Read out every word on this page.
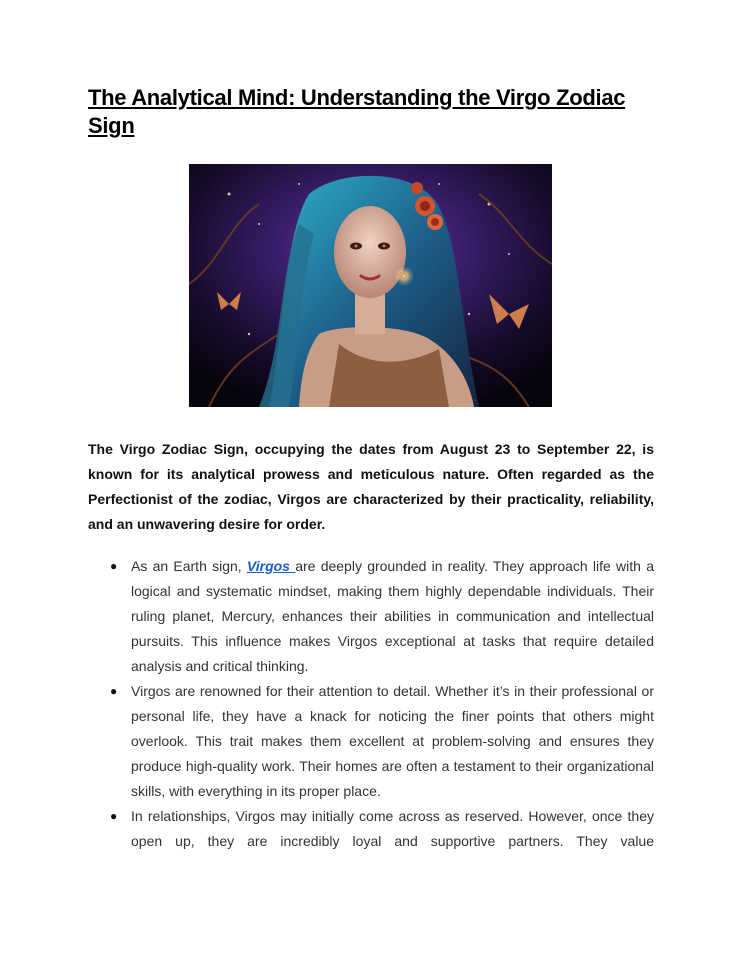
The Analytical Mind: Understanding the Virgo Zodiac Sign

The Virgo Zodiac Sign, occupying the dates from August 23 to September 22, is known for its analytical prowess and meticulous nature. Often regarded as the Perfectionist of the zodiac, Virgos are characterized by their practicality, reliability, and an unwavering desire for order.

● As an Earth sign, Virgos are deeply grounded in reality. They approach life with a logical and systematic mindset, making them highly dependable individuals. Their ruling planet, Mercury, enhances their abilities in communication and intellectual pursuits. This influence makes Virgos exceptional at tasks that require detailed analysis and critical thinking.
● Virgos are renowned for their attention to detail. Whether it’s in their professional or personal life, they have a knack for noticing the finer points that others might overlook. This trait makes them excellent at problem-solving and ensures they produce high-quality work. Their homes are often a testament to their organizational skills, with everything in its proper place.
● In relationships, Virgos may initially come across as reserved. However, once they open up, they are incredibly loyal and supportive partners. They value
